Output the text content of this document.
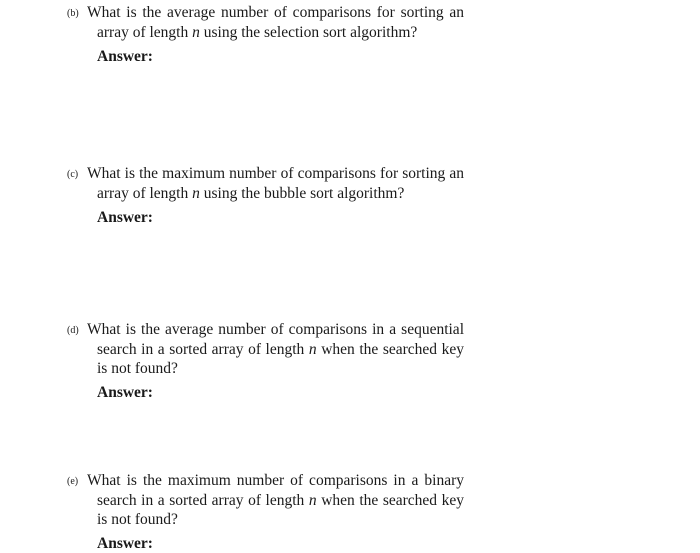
(b) What is the average number of comparisons for sorting an array of length n using the selection sort algorithm?
Answer:
(c) What is the maximum number of comparisons for sorting an array of length n using the bubble sort algorithm?
Answer:
(d) What is the average number of comparisons in a sequential search in a sorted array of length n when the searched key is not found?
Answer:
(e) What is the maximum number of comparisons in a binary search in a sorted array of length n when the searched key is not found?
Answer:
